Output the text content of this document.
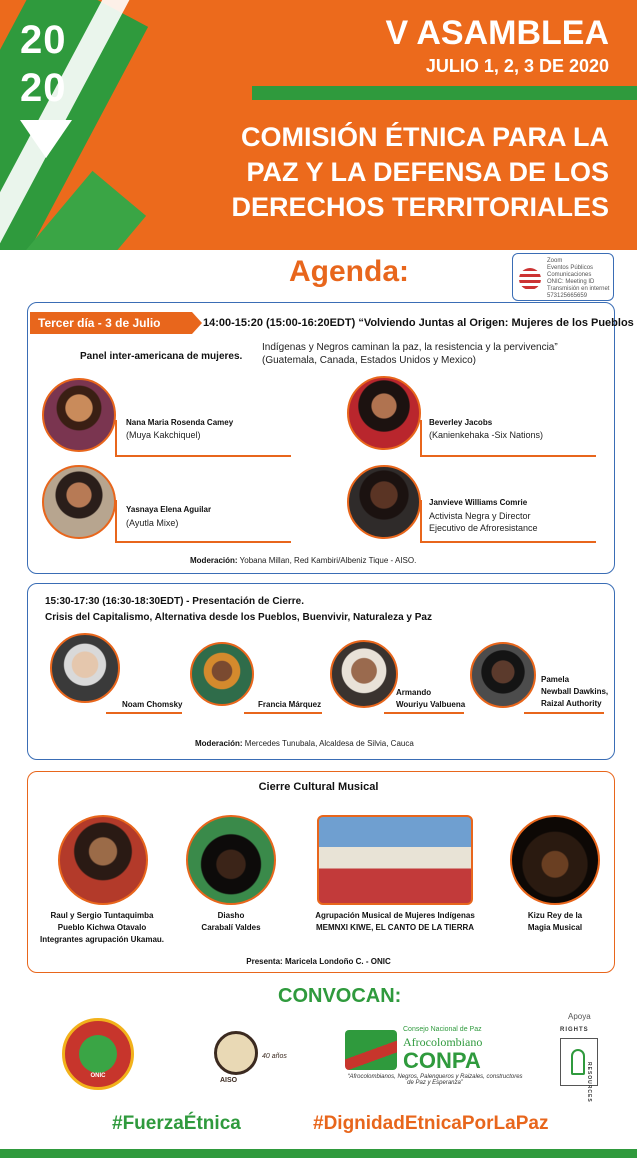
20
20
V ASAMBLEA
JULIO 1, 2, 3 DE 2020
COMISIÓN ÉTNICA PARA LA
PAZ Y LA DEFENSA DE LOS
DERECHOS TERRITORIALES
Agenda:	Zoom
Eventos Públicos
Comunicaciones
ONIC: Meeting ID
Transmisión en internet
573125665659
Tercer día - 3 de Julio	14:00-15:20 (15:00-16:20EDT) “Volviendo Juntas al Origen: Mujeres de los Pueblos
Panel inter-americana de mujeres.
Indígenas y Negros caminan la paz, la resistencia y la pervivencia”
(Guatemala, Canada, Estados Unidos y Mexico)
Nana Maria Rosenda Camey
(Muya Kakchiquel)
Beverley Jacobs
(Kanienkehaka -Six Nations)
Yasnaya Elena Aguilar
(Ayutla Mixe)
Janvieve Williams Comrie
Activista Negra y Director
Ejecutivo de Afroresistance
Moderación: Yobana Millan, Red Kambiri/Albeniz Tique - AISO.
15:30-17:30 (16:30-18:30EDT) - Presentación de Cierre.
Crisis del Capitalismo, Alternativa desde los Pueblos, Buenvivir, Naturaleza y Paz
Noam Chomsky	Francia Márquez
Armando
Wouriyu Valbuena
Pamela
Newball Dawkins,
Raizal Authority
Moderación: Mercedes Tunubala, Alcaldesa de Silvia, Cauca
Cierre Cultural Musical
Raul y Sergio Tuntaquimba
Pueblo Kichwa Otavalo
Integrantes agrupación Ukamau.
Diasho
Carabalí Valdes
Agrupación Musical de Mujeres Indígenas
MEMNXI KIWE, EL CANTO DE LA TIERRA
Kizu Rey de la
Magia Musical
Presenta: Maricela Londoño C. - ONIC
CONVOCAN:
ONIC
AISO
40 años
Consejo Nacional de Paz
Afrocolombiano
CONPA
“Afrocolombianos, Negros, Palenqueros y Raizales, constructores de Paz y Esperanza”
Apoya
RIGHTS
RESOURCES
#FuerzaÉtnica	#DignidadEtnicaPorLaPaz
